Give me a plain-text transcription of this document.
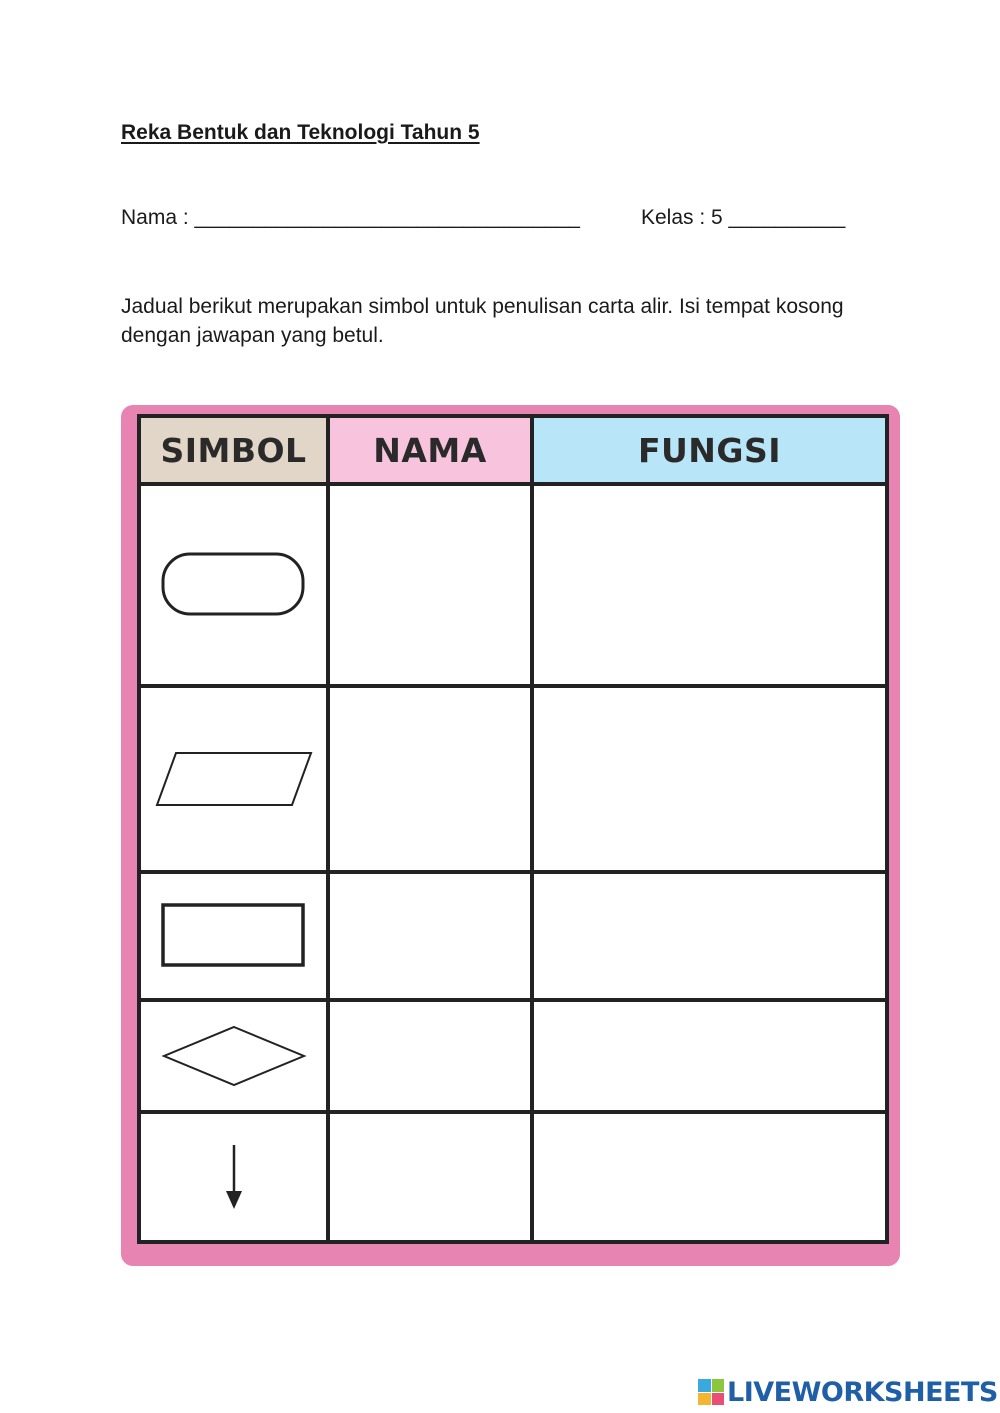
Reka Bentuk dan Teknologi Tahun 5
Nama : _________________________________	Kelas : 5 __________
Jadual berikut merupakan simbol untuk penulisan carta alir. Isi tempat kosong dengan jawapan yang betul.
SIMBOL	NAMA	FUNGSI

LIVEWORKSHEETS
